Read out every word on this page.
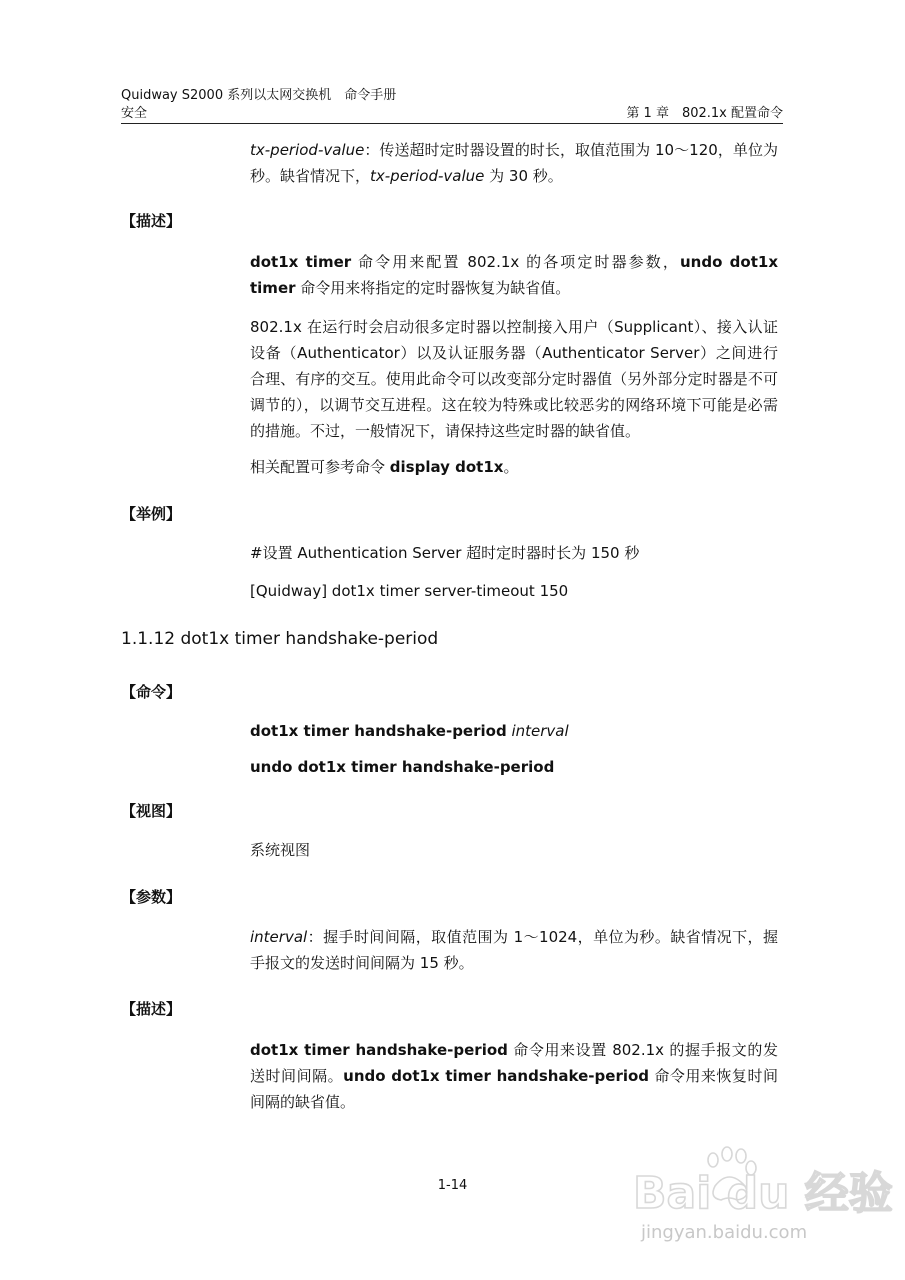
Quidway S2000 系列以太网交换机　命令手册
安全	第 1 章　802.1x 配置命令
tx-period-value：传送超时定时器设置的时长，取值范围为 10～120，单位为秒。缺省情况下，tx-period-value 为 30 秒。
【描述】
dot1x timer 命令用来配置 802.1x 的各项定时器参数，undo dot1x timer 命令用来将指定的定时器恢复为缺省值。
802.1x 在运行时会启动很多定时器以控制接入用户（Supplicant）、接入认证设备（Authenticator）以及认证服务器（Authenticator Server）之间进行合理、有序的交互。使用此命令可以改变部分定时器值（另外部分定时器是不可调节的），以调节交互进程。这在较为特殊或比较恶劣的网络环境下可能是必需的措施。不过，一般情况下，请保持这些定时器的缺省值。
相关配置可参考命令 display dot1x。
【举例】
#设置 Authentication Server 超时定时器时长为 150 秒
[Quidway] dot1x timer server-timeout 150
1.1.12 dot1x timer handshake-period
【命令】
dot1x timer handshake-period interval
undo dot1x timer handshake-period
【视图】
系统视图
【参数】
interval：握手时间间隔，取值范围为 1～1024，单位为秒。缺省情况下，握手报文的发送时间间隔为 15 秒。
【描述】
dot1x timer handshake-period 命令用来设置 802.1x 的握手报文的发送时间间隔。undo dot1x timer handshake-period 命令用来恢复时间间隔的缺省值。
1-14	Bai du 经验
jingyan.baidu.com
